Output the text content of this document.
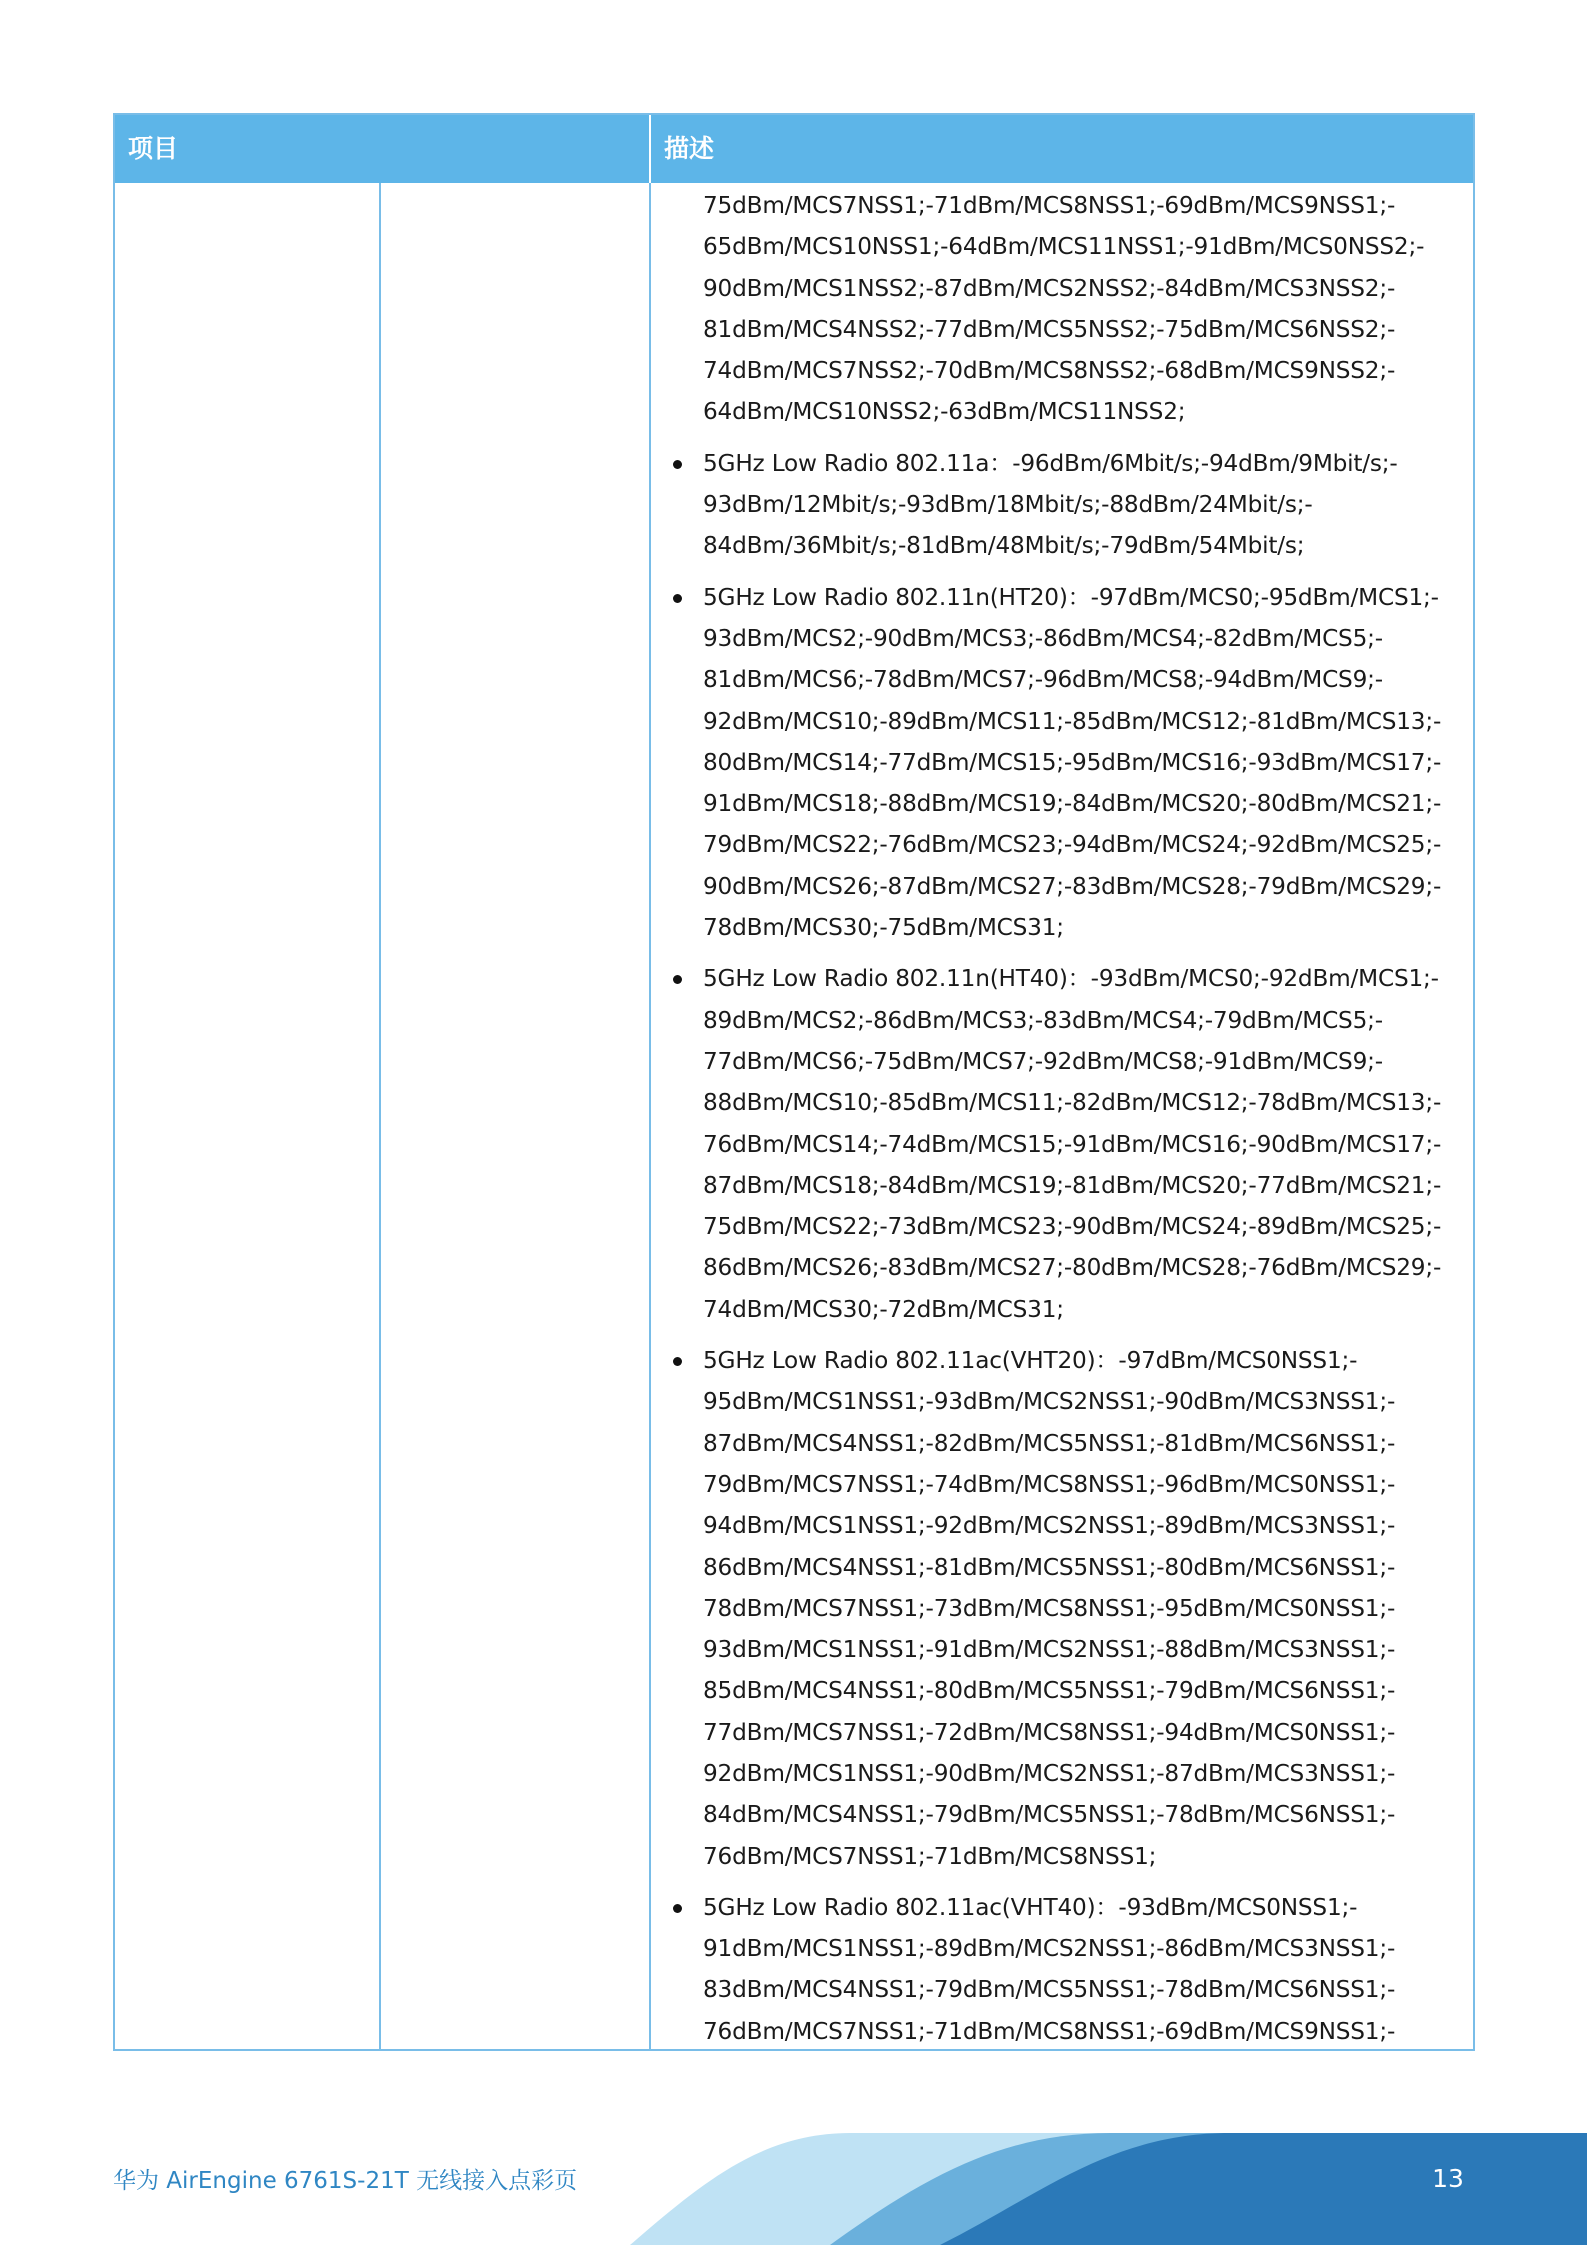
项目	描述
75dBm/MCS7NSS1;-71dBm/MCS8NSS1;-69dBm/MCS9NSS1;-
65dBm/MCS10NSS1;-64dBm/MCS11NSS1;-91dBm/MCS0NSS2;-
90dBm/MCS1NSS2;-87dBm/MCS2NSS2;-84dBm/MCS3NSS2;-
81dBm/MCS4NSS2;-77dBm/MCS5NSS2;-75dBm/MCS6NSS2;-
74dBm/MCS7NSS2;-70dBm/MCS8NSS2;-68dBm/MCS9NSS2;-
64dBm/MCS10NSS2;-63dBm/MCS11NSS2;
5GHz Low Radio 802.11a：-96dBm/6Mbit/s;-94dBm/9Mbit/s;-
93dBm/12Mbit/s;-93dBm/18Mbit/s;-88dBm/24Mbit/s;-
84dBm/36Mbit/s;-81dBm/48Mbit/s;-79dBm/54Mbit/s;
5GHz Low Radio 802.11n(HT20)：-97dBm/MCS0;-95dBm/MCS1;-
93dBm/MCS2;-90dBm/MCS3;-86dBm/MCS4;-82dBm/MCS5;-
81dBm/MCS6;-78dBm/MCS7;-96dBm/MCS8;-94dBm/MCS9;-
92dBm/MCS10;-89dBm/MCS11;-85dBm/MCS12;-81dBm/MCS13;-
80dBm/MCS14;-77dBm/MCS15;-95dBm/MCS16;-93dBm/MCS17;-
91dBm/MCS18;-88dBm/MCS19;-84dBm/MCS20;-80dBm/MCS21;-
79dBm/MCS22;-76dBm/MCS23;-94dBm/MCS24;-92dBm/MCS25;-
90dBm/MCS26;-87dBm/MCS27;-83dBm/MCS28;-79dBm/MCS29;-
78dBm/MCS30;-75dBm/MCS31;
5GHz Low Radio 802.11n(HT40)：-93dBm/MCS0;-92dBm/MCS1;-
89dBm/MCS2;-86dBm/MCS3;-83dBm/MCS4;-79dBm/MCS5;-
77dBm/MCS6;-75dBm/MCS7;-92dBm/MCS8;-91dBm/MCS9;-
88dBm/MCS10;-85dBm/MCS11;-82dBm/MCS12;-78dBm/MCS13;-
76dBm/MCS14;-74dBm/MCS15;-91dBm/MCS16;-90dBm/MCS17;-
87dBm/MCS18;-84dBm/MCS19;-81dBm/MCS20;-77dBm/MCS21;-
75dBm/MCS22;-73dBm/MCS23;-90dBm/MCS24;-89dBm/MCS25;-
86dBm/MCS26;-83dBm/MCS27;-80dBm/MCS28;-76dBm/MCS29;-
74dBm/MCS30;-72dBm/MCS31;
5GHz Low Radio 802.11ac(VHT20)：-97dBm/MCS0NSS1;-
95dBm/MCS1NSS1;-93dBm/MCS2NSS1;-90dBm/MCS3NSS1;-
87dBm/MCS4NSS1;-82dBm/MCS5NSS1;-81dBm/MCS6NSS1;-
79dBm/MCS7NSS1;-74dBm/MCS8NSS1;-96dBm/MCS0NSS1;-
94dBm/MCS1NSS1;-92dBm/MCS2NSS1;-89dBm/MCS3NSS1;-
86dBm/MCS4NSS1;-81dBm/MCS5NSS1;-80dBm/MCS6NSS1;-
78dBm/MCS7NSS1;-73dBm/MCS8NSS1;-95dBm/MCS0NSS1;-
93dBm/MCS1NSS1;-91dBm/MCS2NSS1;-88dBm/MCS3NSS1;-
85dBm/MCS4NSS1;-80dBm/MCS5NSS1;-79dBm/MCS6NSS1;-
77dBm/MCS7NSS1;-72dBm/MCS8NSS1;-94dBm/MCS0NSS1;-
92dBm/MCS1NSS1;-90dBm/MCS2NSS1;-87dBm/MCS3NSS1;-
84dBm/MCS4NSS1;-79dBm/MCS5NSS1;-78dBm/MCS6NSS1;-
76dBm/MCS7NSS1;-71dBm/MCS8NSS1;
5GHz Low Radio 802.11ac(VHT40)：-93dBm/MCS0NSS1;-
91dBm/MCS1NSS1;-89dBm/MCS2NSS1;-86dBm/MCS3NSS1;-
83dBm/MCS4NSS1;-79dBm/MCS5NSS1;-78dBm/MCS6NSS1;-
76dBm/MCS7NSS1;-71dBm/MCS8NSS1;-69dBm/MCS9NSS1;-
华为 AirEngine 6761S-21T 无线接入点彩页	13
